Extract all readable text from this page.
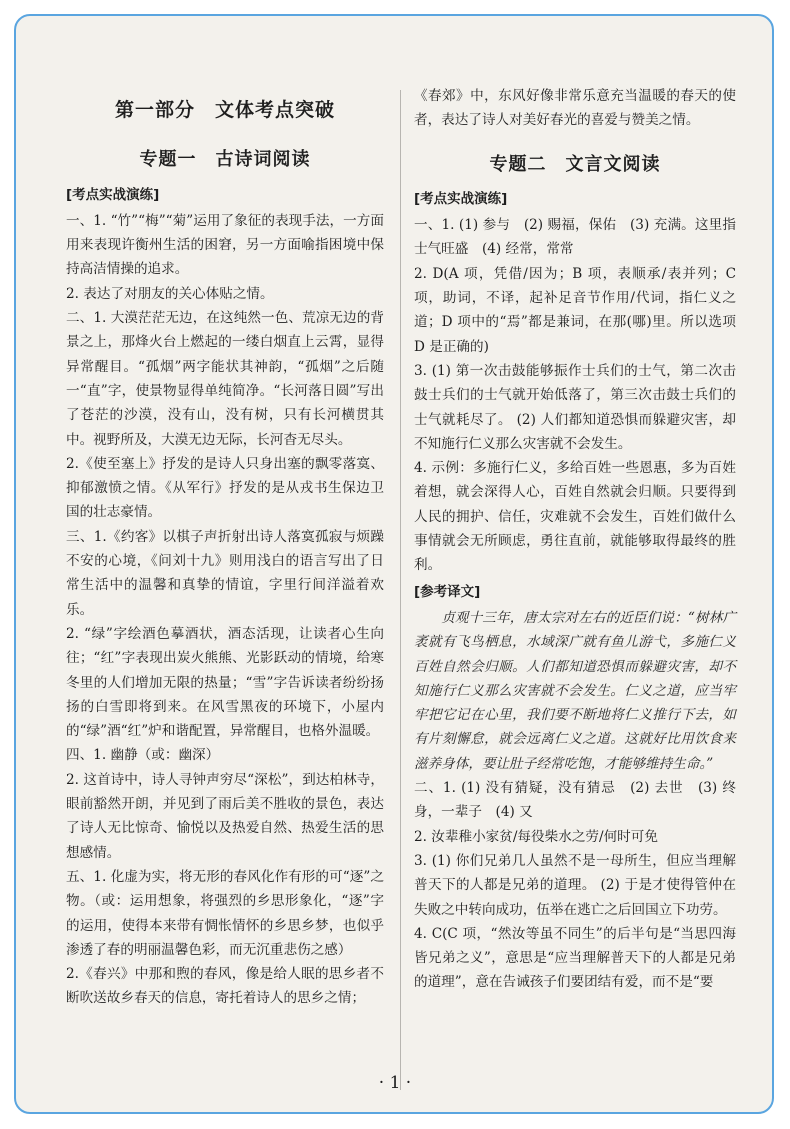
第一部分　文体考点突破
专题一　古诗词阅读
[考点实战演练]

一、1. “竹”“梅”“菊”运用了象征的表现手法，一方面用来表现许衡州生活的困窘，另一方面喻指困境中保持高洁情操的追求。

2. 表达了对朋友的关心体贴之情。

二、1. 大漠茫茫无边，在这纯然一色、荒凉无边的背景之上，那烽火台上燃起的一缕白烟直上云霄，显得异常醒目。“孤烟”两字能状其神韵，“孤烟”之后随一“直”字，使景物显得单纯简净。“长河落日圆”写出了苍茫的沙漠，没有山，没有树，只有长河横贯其中。视野所及，大漠无边无际，长河杳无尽头。

2.《使至塞上》抒发的是诗人只身出塞的飘零落寞、抑郁激愤之情。《从军行》抒发的是从戎书生保边卫国的壮志豪情。

三、1.《约客》以棋子声折射出诗人落寞孤寂与烦躁不安的心境，《问刘十九》则用浅白的语言写出了日常生活中的温馨和真挚的情谊，字里行间洋溢着欢乐。

2. “绿”字绘酒色摹酒状，酒态活现，让读者心生向往；“红”字表现出炭火熊熊、光影跃动的情境，给寒冬里的人们增加无限的热量；“雪”字告诉读者纷纷扬扬的白雪即将到来。在风雪黑夜的环境下，小屋内的“绿”酒“红”炉和谐配置，异常醒目，也格外温暖。

四、1. 幽静（或：幽深）

2. 这首诗中，诗人寻钟声穷尽“深松”，到达柏林寺，眼前豁然开朗，并见到了雨后美不胜收的景色，表达了诗人无比惊奇、愉悦以及热爱自然、热爱生活的思想感情。

五、1. 化虚为实，将无形的春风化作有形的可“逐”之物。（或：运用想象，将强烈的乡思形象化，“逐”字的运用，使得本来带有惆怅情怀的乡思乡梦，也似乎渗透了春的明丽温馨色彩，而无沉重悲伤之感）

2.《春兴》中那和煦的春风，像是给人眠的思乡者不断吹送故乡春天的信息，寄托着诗人的思乡之情；

《春郊》中，东风好像非常乐意充当温暖的春天的使者，表达了诗人对美好春光的喜爱与赞美之情。

专题二　文言文阅读
[考点实战演练]

一、1. (1) 参与　(2) 赐福，保佑　(3) 充满。这里指士气旺盛　(4) 经常，常常

2. D(A 项，凭借/因为；B 项，表顺承/表并列；C 项，助词，不译，起补足音节作用/代词，指仁义之道；D 项中的“焉”都是兼词，在那(哪)里。所以选项 D 是正确的)

3. (1) 第一次击鼓能够振作士兵们的士气，第二次击鼓士兵们的士气就开始低落了，第三次击鼓士兵们的士气就耗尽了。 (2) 人们都知道恐惧而躲避灾害，却不知施行仁义那么灾害就不会发生。

4. 示例：多施行仁义，多给百姓一些恩惠，多为百姓着想，就会深得人心，百姓自然就会归顺。只要得到人民的拥护、信任，灾难就不会发生，百姓们做什么事情就会无所顾虑，勇往直前，就能够取得最终的胜利。

[参考译文]

贞观十三年，唐太宗对左右的近臣们说：“树林广袤就有飞鸟栖息，水域深广就有鱼儿游弋，多施仁义百姓自然会归顺。人们都知道恐惧而躲避灾害，却不知施行仁义那么灾害就不会发生。仁义之道，应当牢牢把它记在心里，我们要不断地将仁义推行下去，如有片刻懈怠，就会远离仁义之道。这就好比用饮食来滋养身体，要让肚子经常吃饱，才能够维持生命。”

二、1. (1) 没有猜疑，没有猜忌　(2) 去世　(3) 终身，一辈子　(4) 又

2. 汝辈稚小家贫/每役柴水之劳/何时可免

3. (1) 你们兄弟几人虽然不是一母所生，但应当理解普天下的人都是兄弟的道理。 (2) 于是才使得管仲在失败之中转向成功，伍举在逃亡之后回国立下功劳。

4. C(C 项，“然汝等虽不同生”的后半句是“当思四海皆兄弟之义”，意思是“应当理解普天下的人都是兄弟的道理”，意在告诫孩子们要团结有爱，而不是“要

· 1 ·
